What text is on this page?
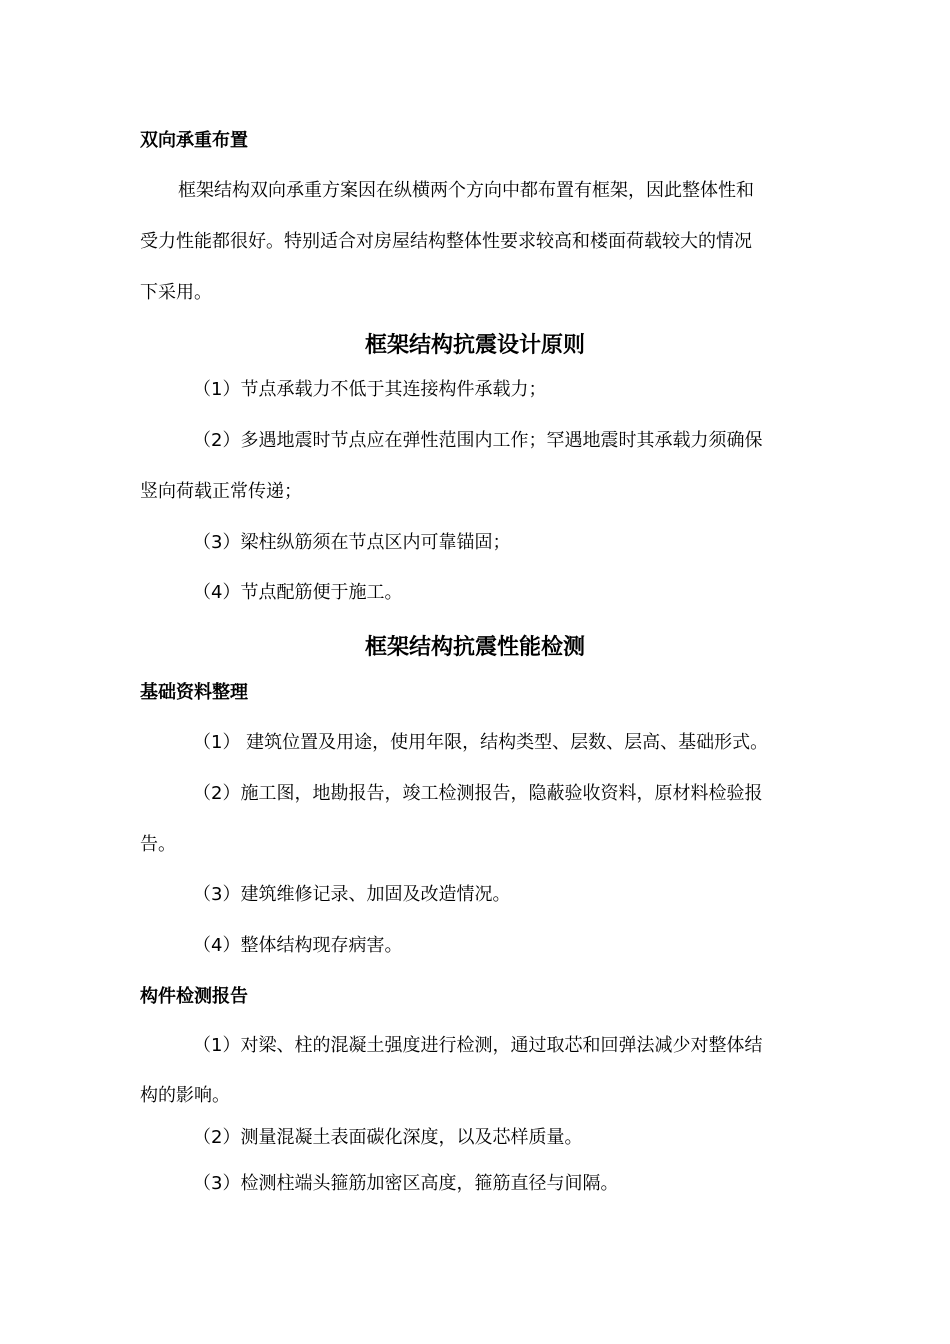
双向承重布置
框架结构双向承重方案因在纵横两个方向中都布置有框架，因此整体性和
受力性能都很好。特别适合对房屋结构整体性要求较高和楼面荷载较大的情况
下采用。
框架结构抗震设计原则
（1）节点承载力不低于其连接构件承载力；
（2）多遇地震时节点应在弹性范围内工作；罕遇地震时其承载力须确保
竖向荷载正常传递；
（3）梁柱纵筋须在节点区内可靠锚固；
（4）节点配筋便于施工。
框架结构抗震性能检测
基础资料整理
（1） 建筑位置及用途，使用年限，结构类型、层数、层高、基础形式。
（2）施工图，地勘报告，竣工检测报告，隐蔽验收资料，原材料检验报
告。
（3）建筑维修记录、加固及改造情况。
（4）整体结构现存病害。
构件检测报告
（1）对梁、柱的混凝土强度进行检测，通过取芯和回弹法减少对整体结
构的影响。
（2）测量混凝土表面碳化深度，以及芯样质量。
（3）检测柱端头箍筋加密区高度，箍筋直径与间隔。
